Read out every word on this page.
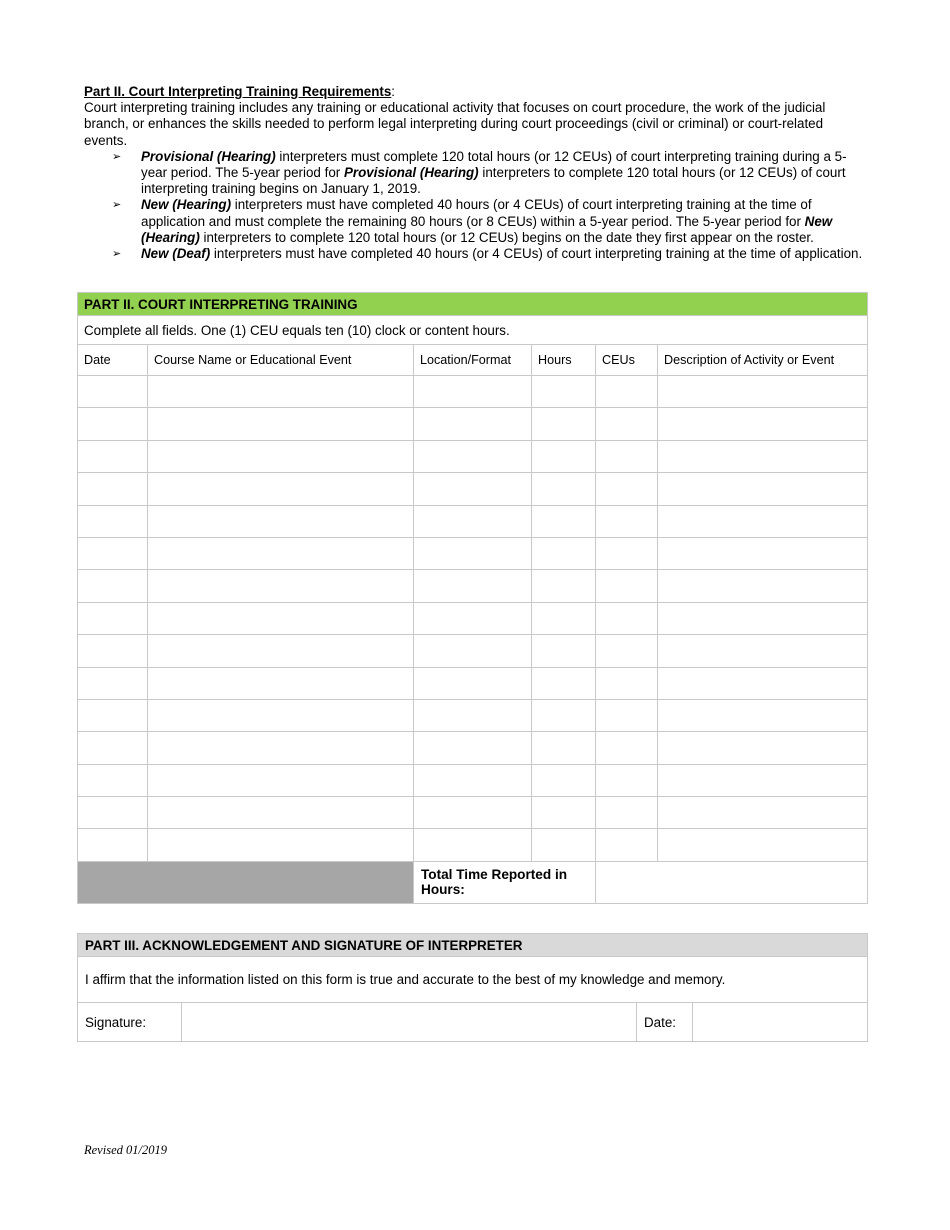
Part II. Court Interpreting Training Requirements:

Court interpreting training includes any training or educational activity that focuses on court procedure, the work of the judicial branch, or enhances the skills needed to perform legal interpreting during court proceedings (civil or criminal) or court-related events.

➢ Provisional (Hearing) interpreters must complete 120 total hours (or 12 CEUs) of court interpreting training during a 5-year period. The 5-year period for Provisional (Hearing) interpreters to complete 120 total hours (or 12 CEUs) of court interpreting training begins on January 1, 2019.
➢ New (Hearing) interpreters must have completed 40 hours (or 4 CEUs) of court interpreting training at the time of application and must complete the remaining 80 hours (or 8 CEUs) within a 5-year period. The 5-year period for New (Hearing) interpreters to complete 120 total hours (or 12 CEUs) begins on the date they first appear on the roster.
➢ New (Deaf) interpreters must have completed 40 hours (or 4 CEUs) of court interpreting training at the time of application.
PART II. COURT INTERPRETING TRAINING					
Complete all fields. One (1) CEU equals ten (10) clock or content hours.					
Date	Course Name or Educational Event	Location/Format	Hours	CEUs	Description of Activity or Event

		Total Time Reported in Hours:			
PART III. ACKNOWLEDGEMENT AND SIGNATURE OF INTERPRETER
I affirm that the information listed on this form is true and accurate to the best of my knowledge and memory.
Signature:		Date:	
Revised 01/2019
